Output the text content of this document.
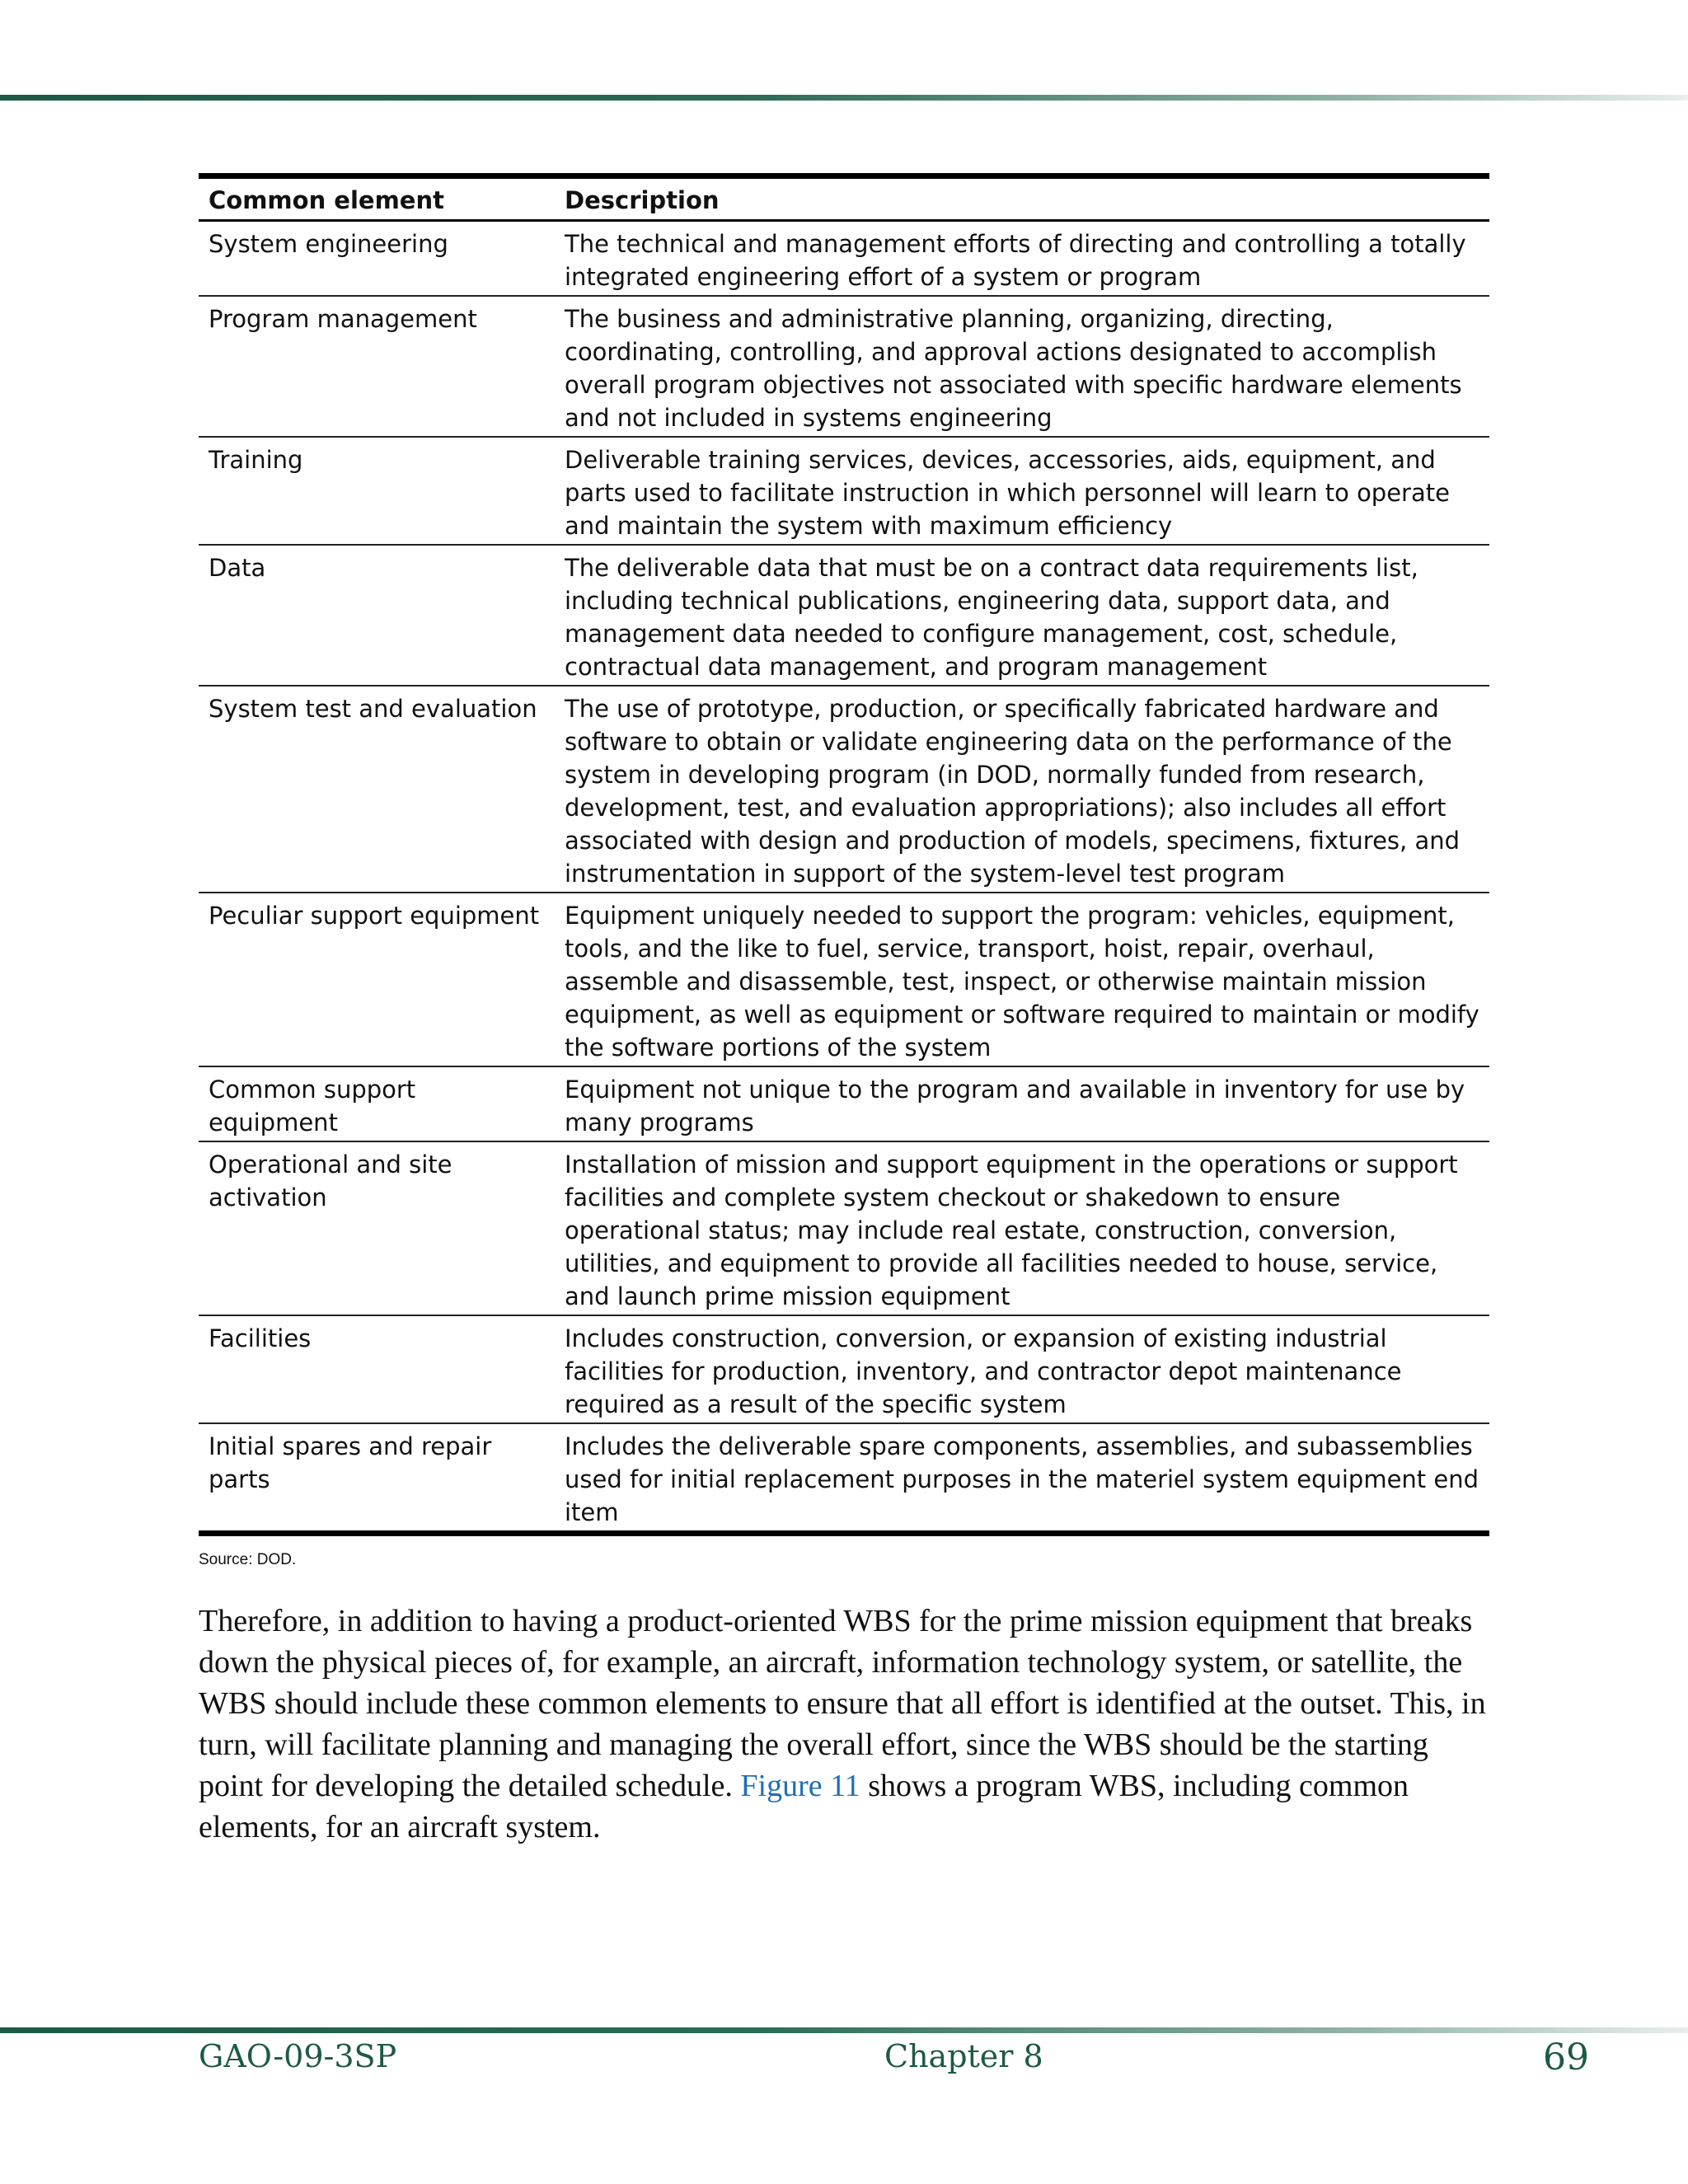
Common element	Description
System engineering	The technical and management efforts of directing and controlling a totally integrated engineering effort of a system or program
Program management	The business and administrative planning, organizing, directing, coordinating, controlling, and approval actions designated to accomplish overall program objectives not associated with specific hardware elements and not included in systems engineering
Training	Deliverable training services, devices, accessories, aids, equipment, and parts used to facilitate instruction in which personnel will learn to operate and maintain the system with maximum efficiency
Data	The deliverable data that must be on a contract data requirements list, including technical publications, engineering data, support data, and management data needed to configure management, cost, schedule, contractual data management, and program management
System test and evaluation	The use of prototype, production, or specifically fabricated hardware and software to obtain or validate engineering data on the performance of the system in developing program (in DOD, normally funded from research, development, test, and evaluation appropriations); also includes all effort associated with design and production of models, specimens, fixtures, and instrumentation in support of the system-level test program
Peculiar support equipment	Equipment uniquely needed to support the program: vehicles, equipment, tools, and the like to fuel, service, transport, hoist, repair, overhaul, assemble and disassemble, test, inspect, or otherwise maintain mission equipment, as well as equipment or software required to maintain or modify the software portions of the system
Common support equipment	Equipment not unique to the program and available in inventory for use by many programs
Operational and site activation	Installation of mission and support equipment in the operations or support facilities and complete system checkout or shakedown to ensure operational status; may include real estate, construction, conversion, utilities, and equipment to provide all facilities needed to house, service, and launch prime mission equipment
Facilities	Includes construction, conversion, or expansion of existing industrial facilities for production, inventory, and contractor depot maintenance required as a result of the specific system
Initial spares and repair parts	Includes the deliverable spare components, assemblies, and subassemblies used for initial replacement purposes in the materiel system equipment end item
Source: DOD.

Therefore, in addition to having a product-oriented WBS for the prime mission equipment that breaks down the physical pieces of, for example, an aircraft, information technology system, or satellite, the WBS should include these common elements to ensure that all effort is identified at the outset. This, in turn, will facilitate planning and managing the overall effort, since the WBS should be the starting point for developing the detailed schedule. Figure 11 shows a program WBS, including common elements, for an aircraft system.

GAO-09-3SP	Chapter 8	69
